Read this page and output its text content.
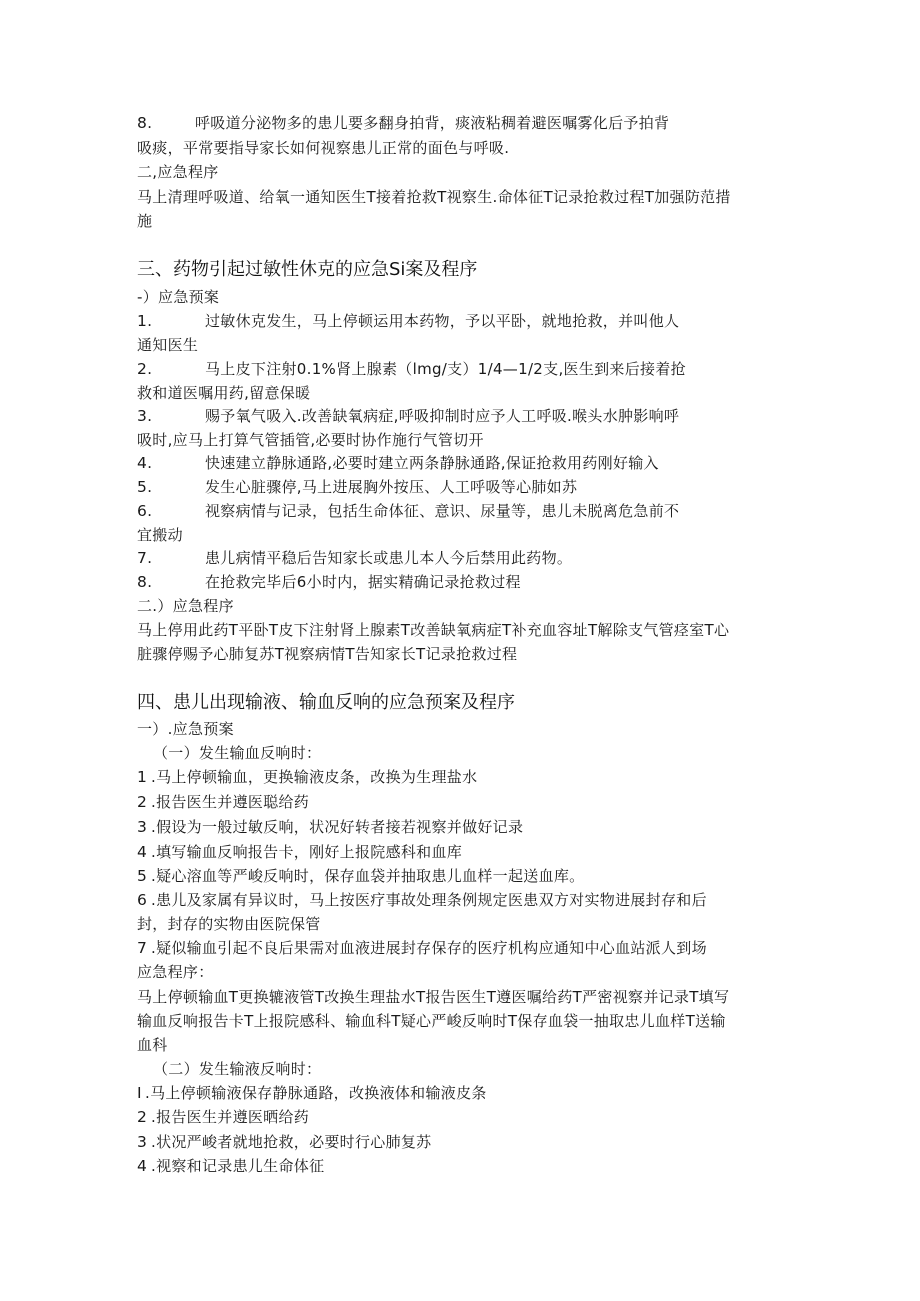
8.	呼吸道分泌物多的患儿要多翻身拍背，痰液粘稠着避医嘱雾化后予拍背

吸痰，平常要指导家长如何视察患儿正常的面色与呼吸.

二,应急程序

马上清理呼吸道、给氧一通知医生T接着抢救T视察生.命体征T记录抢救过程T加强防范措

施

三、药物引起过敏性休克的应急Si案及程序

-）应急预案

1.	过敏休克发生，马上停顿运用本药物，予以平卧，就地抢救，并叫他人

通知医生

2.	马上皮下注射0.1%肾上腺素（lmg/支）1/4—1/2支,医生到来后接着抢

救和道医嘱用药,留意保暖

3.	赐予氧气吸入.改善缺氧病症,呼吸抑制时应予人工呼吸.喉头水肿影响呼

吸时,应马上打算气管插管,必要时协作施行气管切开

4.	快速建立静脉通路,必要时建立两条静脉通路,保证抢救用药刚好输入

5.	发生心脏骤停,马上进展胸外按压、人工呼吸等心肺如苏

6.	视察病情与记录，包括生命体征、意识、尿量等，患儿未脱离危急前不

宜搬动

7.	患儿病情平稳后告知家长或患儿本人今后禁用此药物。

8.	在抢救完毕后6小时内，据实精确记录抢救过程

二.）应急程序

马上停用此药T平卧T皮下注射肾上腺素T改善缺氧病症T补充血容址T解除支气管痉室T心

脏骤停赐予心肺复苏T视察病情T告知家长T记录抢救过程

四、患儿出现输液、输血反响的应急预案及程序

一）.应急预案

（一）发生输血反响时：

1 .马上停顿输血，更换输液皮条，改换为生理盐水

2 .报告医生并遵医聪给药

3 .假设为一般过敏反响，状况好转者接若视察并做好记录

4 .填写输血反响报告卡，刚好上报院感科和血库

5 .疑心溶血等严峻反响时，保存血袋并抽取患儿血样一起送血库。

6 .患儿及家属有异议时，马上按医疗事故处理条例规定医患双方对实物进展封存和后

封，封存的实物由医院保管

7 .疑似输血引起不良后果需对血液进展封存保存的医疗机构应通知中心血站派人到场

应急程序：

马上停顿输血T更换辘液管T改换生理盐水T报告医生T遵医嘱给药T严密视察并记录T填写

输血反响报告卡T上报院感科、输血科T疑心严峻反响时T保存血袋一抽取忠儿血样T送输

血科

（二）发生输液反响时：

I .马上停顿输液保存静脉通路，改换液体和输液皮条

2 .报告医生并遵医晒给药

3 .状况严峻者就地抢救，必要时行心肺复苏

4 .视察和记录患儿生命体征
